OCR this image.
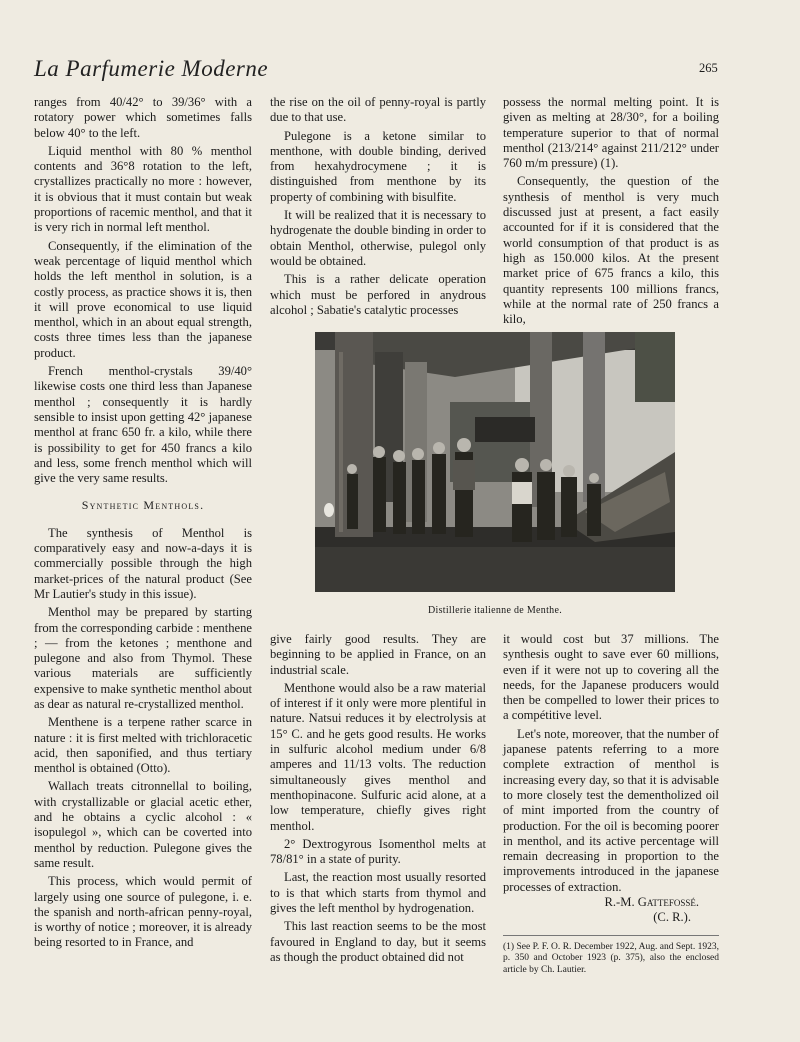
La Parfumerie Moderne	265

ranges from 40/42° to 39/36° with a rotatory power which sometimes falls below 40° to the left.

Liquid menthol with 80 % menthol contents and 36°8 rotation to the left, crystallizes practically no more : however, it is obvious that it must contain but weak proportions of racemic menthol, and that it is very rich in normal left menthol.

Consequently, if the elimination of the weak percentage of liquid menthol which holds the left menthol in solution, is a costly process, as practice shows it is, then it will prove economical to use liquid menthol, which in an about equal strength, costs three times less than the japanese product.

French menthol-crystals 39/40° likewise costs one third less than Japanese menthol ; consequently it is hardly sensible to insist upon getting 42° japanese menthol at franc 650 fr. a kilo, while there is possibility to get for 450 francs a kilo and less, some french menthol which will give the very same results.

Synthetic Menthols.

The synthesis of Menthol is comparatively easy and now-a-days it is commercially possible through the high market-prices of the natural product (See Mr Lautier's study in this issue).

Menthol may be prepared by starting from the corresponding carbide : menthene ; — from the ketones ; menthone and pulegone and also from Thymol. These various materials are sufficiently expensive to make synthetic menthol about as dear as natural re-crystallized menthol.

Menthene is a terpene rather scarce in nature : it is first melted with trichloracetic acid, then saponified, and thus tertiary menthol is obtained (Otto).

Wallach treats citronnellal to boiling, with crystallizable or glacial acetic ether, and he obtains a cyclic alcohol : « isopulegol », which can be coverted into menthol by reduction. Pulegone gives the same result.

This process, which would permit of largely using one source of pulegone, i. e. the spanish and north-african penny-royal, is worthy of notice ; moreover, it is already being resorted to in France, and

the rise on the oil of penny-royal is partly due to that use.

Pulegone is a ketone similar to menthone, with double binding, derived from hexahydrocymene ; it is distinguished from menthone by its property of combining with bisulfite.

It will be realized that it is necessary to hydrogenate the double binding in order to obtain Menthol, otherwise, pulegol only would be obtained.

This is a rather delicate operation which must be perfored in anydrous alcohol ; Sabatie's catalytic processes

possess the normal melting point. It is given as melting at 28/30°, for a boiling temperature superior to that of normal menthol (213/214° against 211/212° under 760 m/m pressure) (1).

Consequently, the question of the synthesis of menthol is very much discussed just at present, a fact easily accounted for if it is considered that the world consumption of that product is as high as 150.000 kilos. At the present market price of 675 francs a kilo, this quantity represents 100 millions francs, while at the normal rate of 250 francs a kilo,

Distillerie italienne de Menthe.

give fairly good results. They are beginning to be applied in France, on an industrial scale.

Menthone would also be a raw material of interest if it only were more plentiful in nature. Natsui reduces it by electrolysis at 15° C. and he gets good results. He works in sulfuric alcohol medium under 6/8 amperes and 11/13 volts. The reduction simultaneously gives menthol and menthopinacone. Sulfuric acid alone, at a low temperature, chiefly gives right menthol.

2° Dextrogyrous Isomenthol melts at 78/81° in a state of purity.

Last, the reaction most usually resorted to is that which starts from thymol and gives the left menthol by hydrogenation.

This last reaction seems to be the most favoured in England to day, but it seems as though the product obtained did not

it would cost but 37 millions. The synthesis ought to save ever 60 millions, even if it were not up to covering all the needs, for the Japanese producers would then be compelled to lower their prices to a compétitive level.

Let's note, moreover, that the number of japanese patents referring to a more complete extraction of menthol is increasing every day, so that it is advisable to more closely test the dementholized oil of mint imported from the country of production. For the oil is becoming poorer in menthol, and its active percentage will remain decreasing in proportion to the improvements introduced in the japanese processes of extraction.

R.-M. Gattefossé.
(C. R.).
(1) See P. F. O. R. December 1922, Aug. and Sept. 1923, p. 350 and October 1923 (p. 375), also the enclosed article by Ch. Lautier.
